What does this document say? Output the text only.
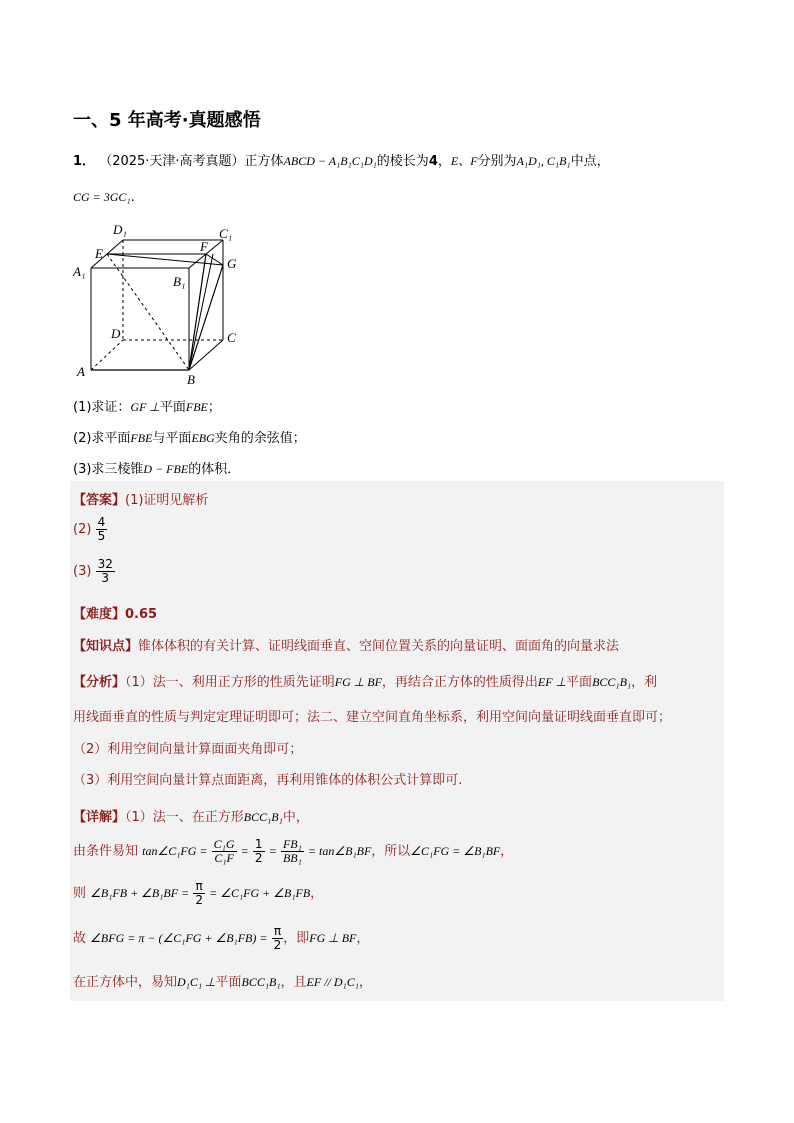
一、5 年高考·真题感悟
1． （2025·天津·高考真题）正方体ABCD − A₁B₁C₁D₁的棱长为4，E、F分别为A₁D₁, C₁B₁中点，
CG = 3GC₁.
D₁	C₁
E	F
G
A₁
B₁
D	C
A
B
(1)求证：GF ⊥平面FBE；
(2)求平面FBE与平面EBG夹角的余弦值；
(3)求三棱锥D − FBE的体积．
【答案】(1)证明见解析
$(2) \frac{4}{5}$
$(3) \frac{32}{3}$
【难度】0.65
【知识点】锥体体积的有关计算、证明线面垂直、空间位置关系的向量证明、面面角的向量求法
【分析】（1）法一、利用正方形的性质先证明FG ⊥ BF，再结合正方体的性质得出EF ⊥平面BCC₁B₁，利
用线面垂直的性质与判定定理证明即可；法二、建立空间直角坐标系，利用空间向量证明线面垂直即可；
（2）利用空间向量计算面面夹角即可；
（3）利用空间向量计算点面距离，再利用锥体的体积公式计算即可.
【详解】（1）法一、在正方形BCC₁B₁中，
由条件易知 tan∠C₁FG = $\frac{\text{C₁G}}{\text{C₁F}} = \frac{1}{2} = \frac{\text{FB₁}}{\text{BB₁}}$ = tan∠B₁BF，所以∠C₁FG = ∠B₁BF，
则 ∠B₁FB + ∠B₁BF = $\frac{\pi}{2}$ = ∠C₁FG + ∠B₁FB，
故 ∠BFG = π − (∠C₁FG + ∠B₁FB) = $\frac{\pi}{2}$ ，即FG ⊥ BF，
在正方体中，易知D₁C₁ ⊥平面BCC₁B₁，且EF // D₁C₁，
